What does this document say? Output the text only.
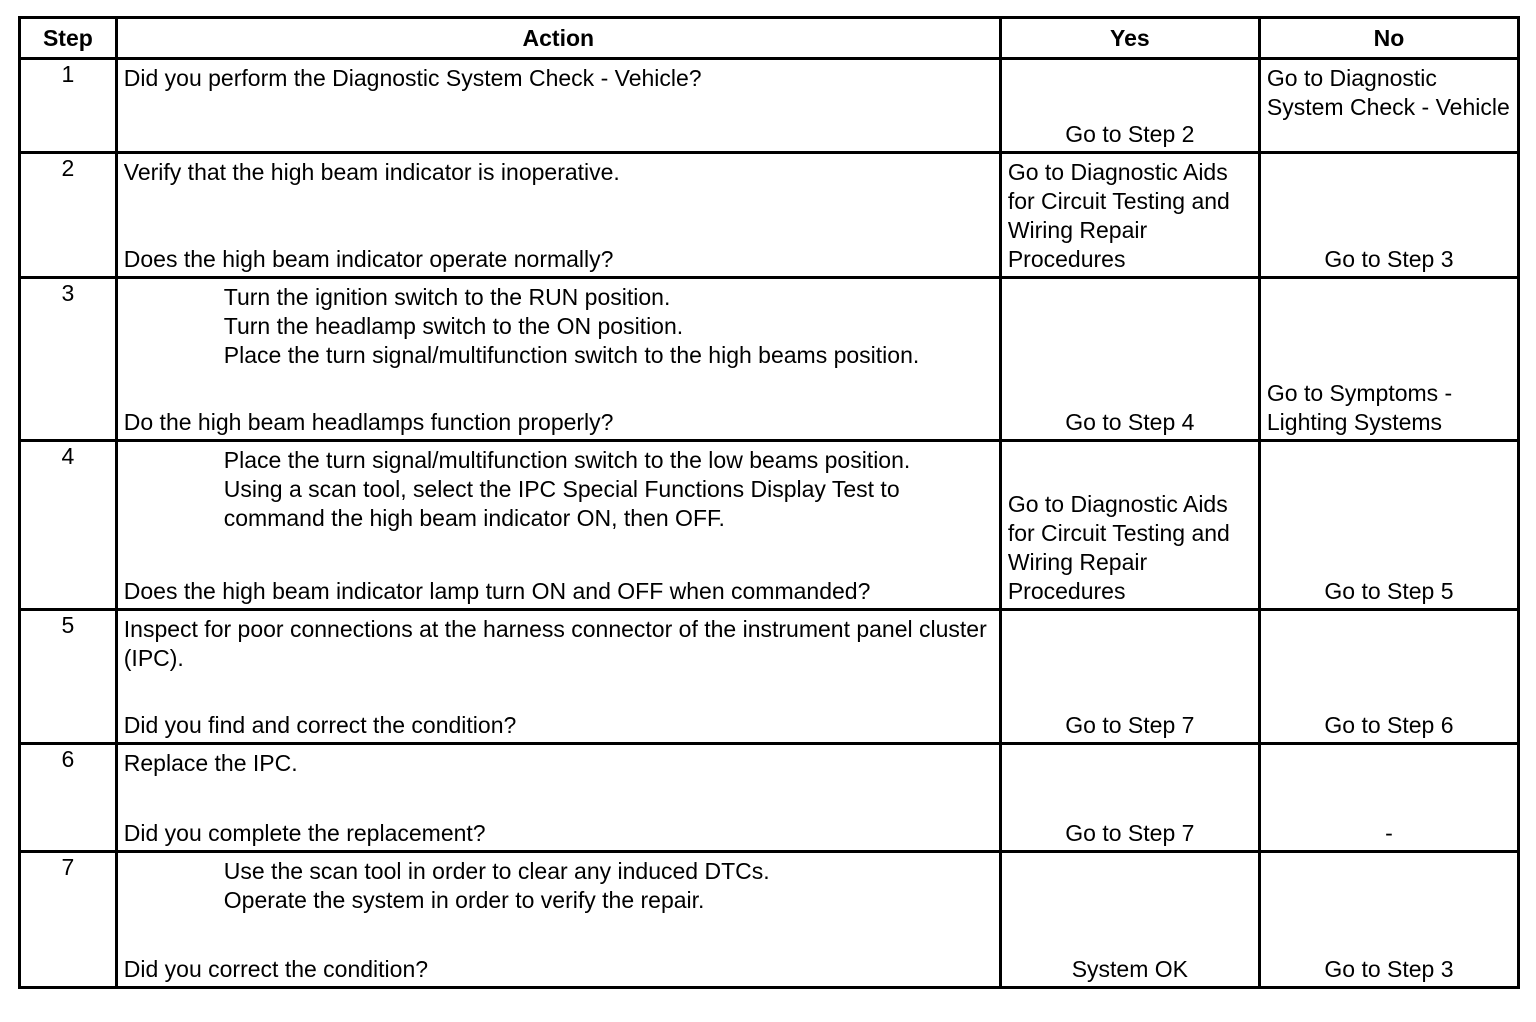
Step	Action	Yes	No
1	Did you perform the Diagnostic System Check - Vehicle?	Go to Step 2	Go to Diagnostic System Check - Vehicle

2	Verify that the high beam indicator is inoperative.
Does the high beam indicator operate normally?	Go to Diagnostic Aids for Circuit Testing and Wiring Repair Procedures	Go to Step 3

3	Turn the ignition switch to the RUN position.
Turn the headlamp switch to the ON position.
Place the turn signal/multifunction switch to the high beams position.
Do the high beam headlamps function properly?	Go to Step 4	Go to Symptoms - Lighting Systems

4	Place the turn signal/multifunction switch to the low beams position.
Using a scan tool, select the IPC Special Functions Display Test to command the high beam indicator ON, then OFF.
Does the high beam indicator lamp turn ON and OFF when commanded?	Go to Diagnostic Aids for Circuit Testing and Wiring Repair Procedures	Go to Step 5

5	Inspect for poor connections at the harness connector of the instrument panel cluster (IPC).
Did you find and correct the condition?	Go to Step 7	Go to Step 6

6	Replace the IPC.
Did you complete the replacement?	Go to Step 7	-

7	Use the scan tool in order to clear any induced DTCs.
Operate the system in order to verify the repair.
Did you correct the condition?	System OK	Go to Step 3
